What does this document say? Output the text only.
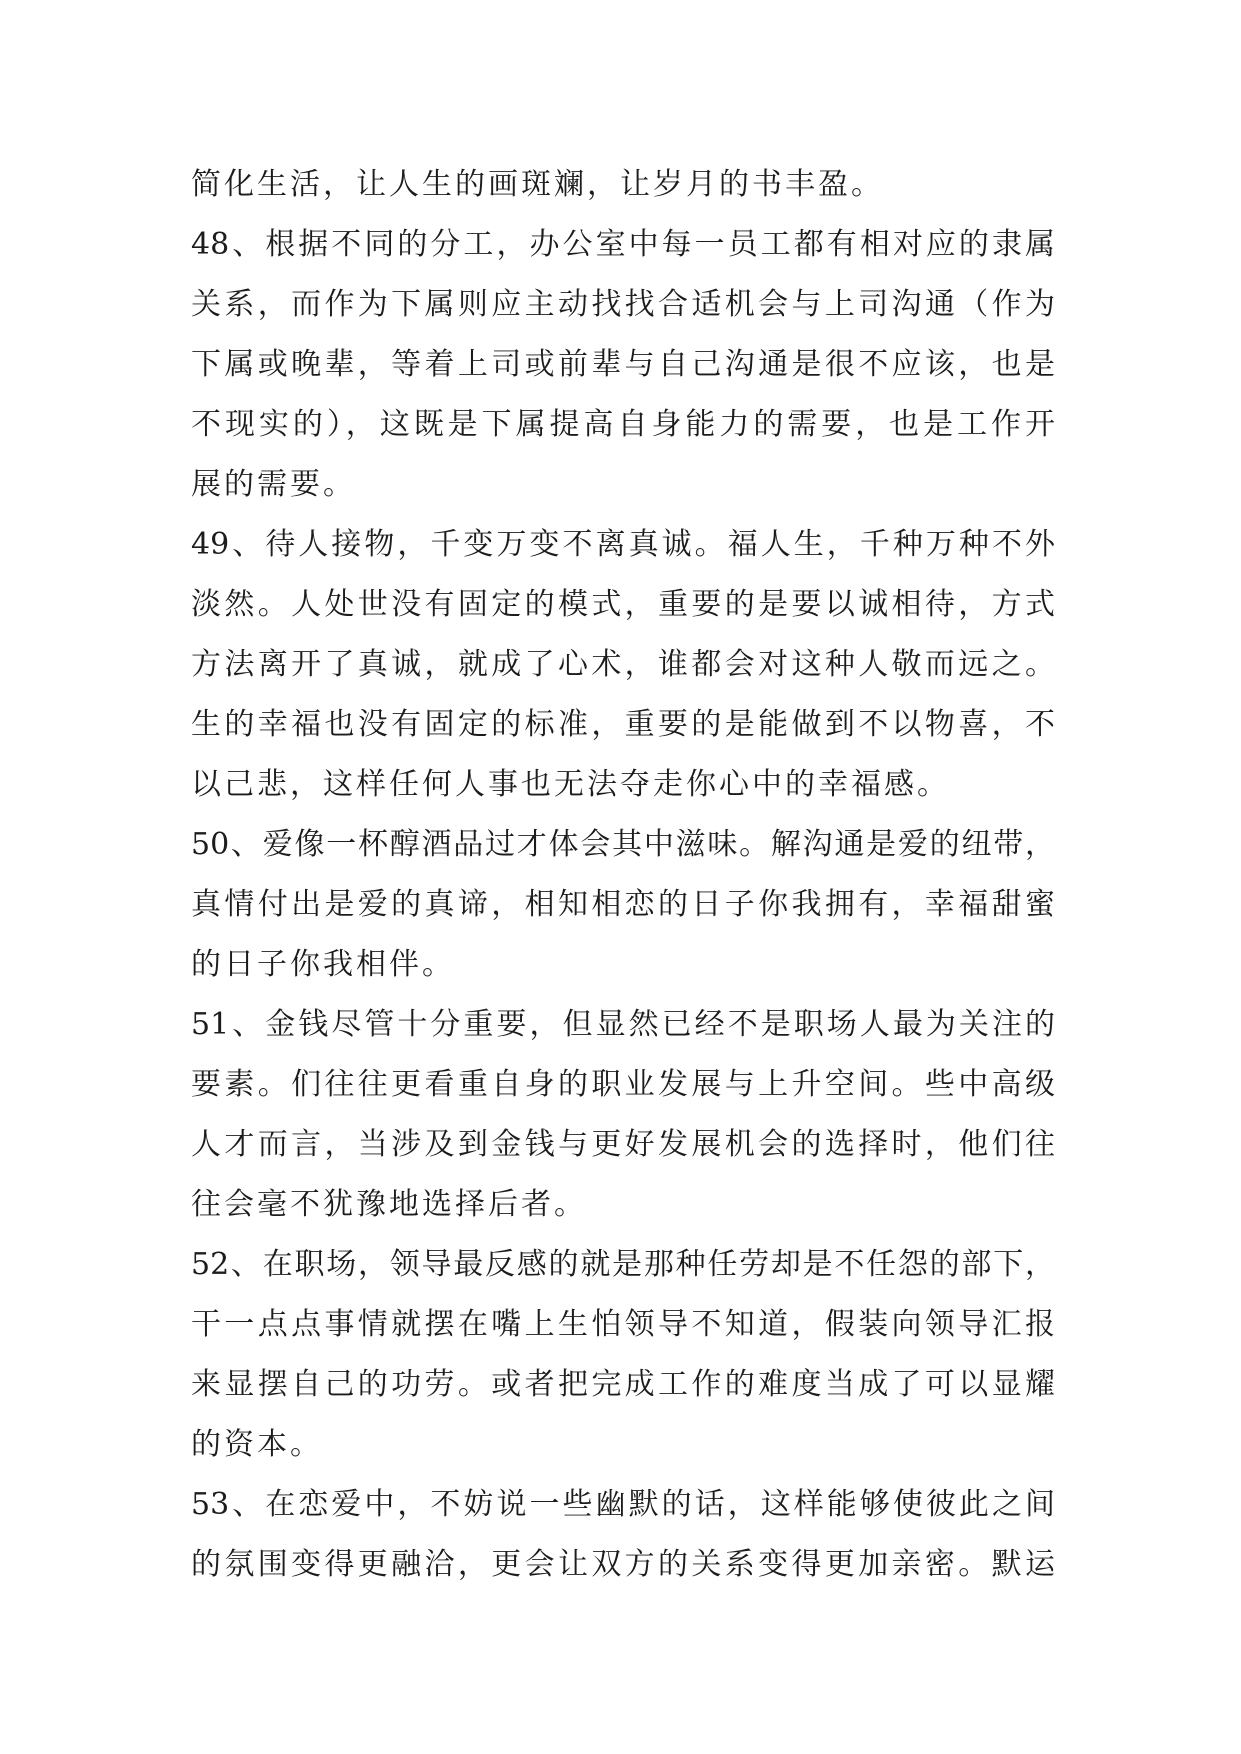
简化生活，让人生的画斑斓，让岁月的书丰盈。
48、根据不同的分工，办公室中每一员工都有相对应的隶属
关系，而作为下属则应主动找找合适机会与上司沟通（作为
下属或晚辈，等着上司或前辈与自己沟通是很不应该，也是
不现实的），这既是下属提高自身能力的需要，也是工作开
展的需要。
49、待人接物，千变万变不离真诚。福人生，千种万种不外
淡然。人处世没有固定的模式，重要的是要以诚相待，方式
方法离开了真诚，就成了心术，谁都会对这种人敬而远之。
生的幸福也没有固定的标准，重要的是能做到不以物喜，不
以己悲，这样任何人事也无法夺走你心中的幸福感。
50、爱像一杯醇酒品过才体会其中滋味。解沟通是爱的纽带，
真情付出是爱的真谛，相知相恋的日子你我拥有，幸福甜蜜
的日子你我相伴。
51、金钱尽管十分重要，但显然已经不是职场人最为关注的
要素。们往往更看重自身的职业发展与上升空间。些中高级
人才而言，当涉及到金钱与更好发展机会的选择时，他们往
往会毫不犹豫地选择后者。
52、在职场，领导最反感的就是那种任劳却是不任怨的部下，
干一点点事情就摆在嘴上生怕领导不知道，假装向领导汇报
来显摆自己的功劳。或者把完成工作的难度当成了可以显耀
的资本。
53、在恋爱中，不妨说一些幽默的话，这样能够使彼此之间
的氛围变得更融洽，更会让双方的关系变得更加亲密。默运
